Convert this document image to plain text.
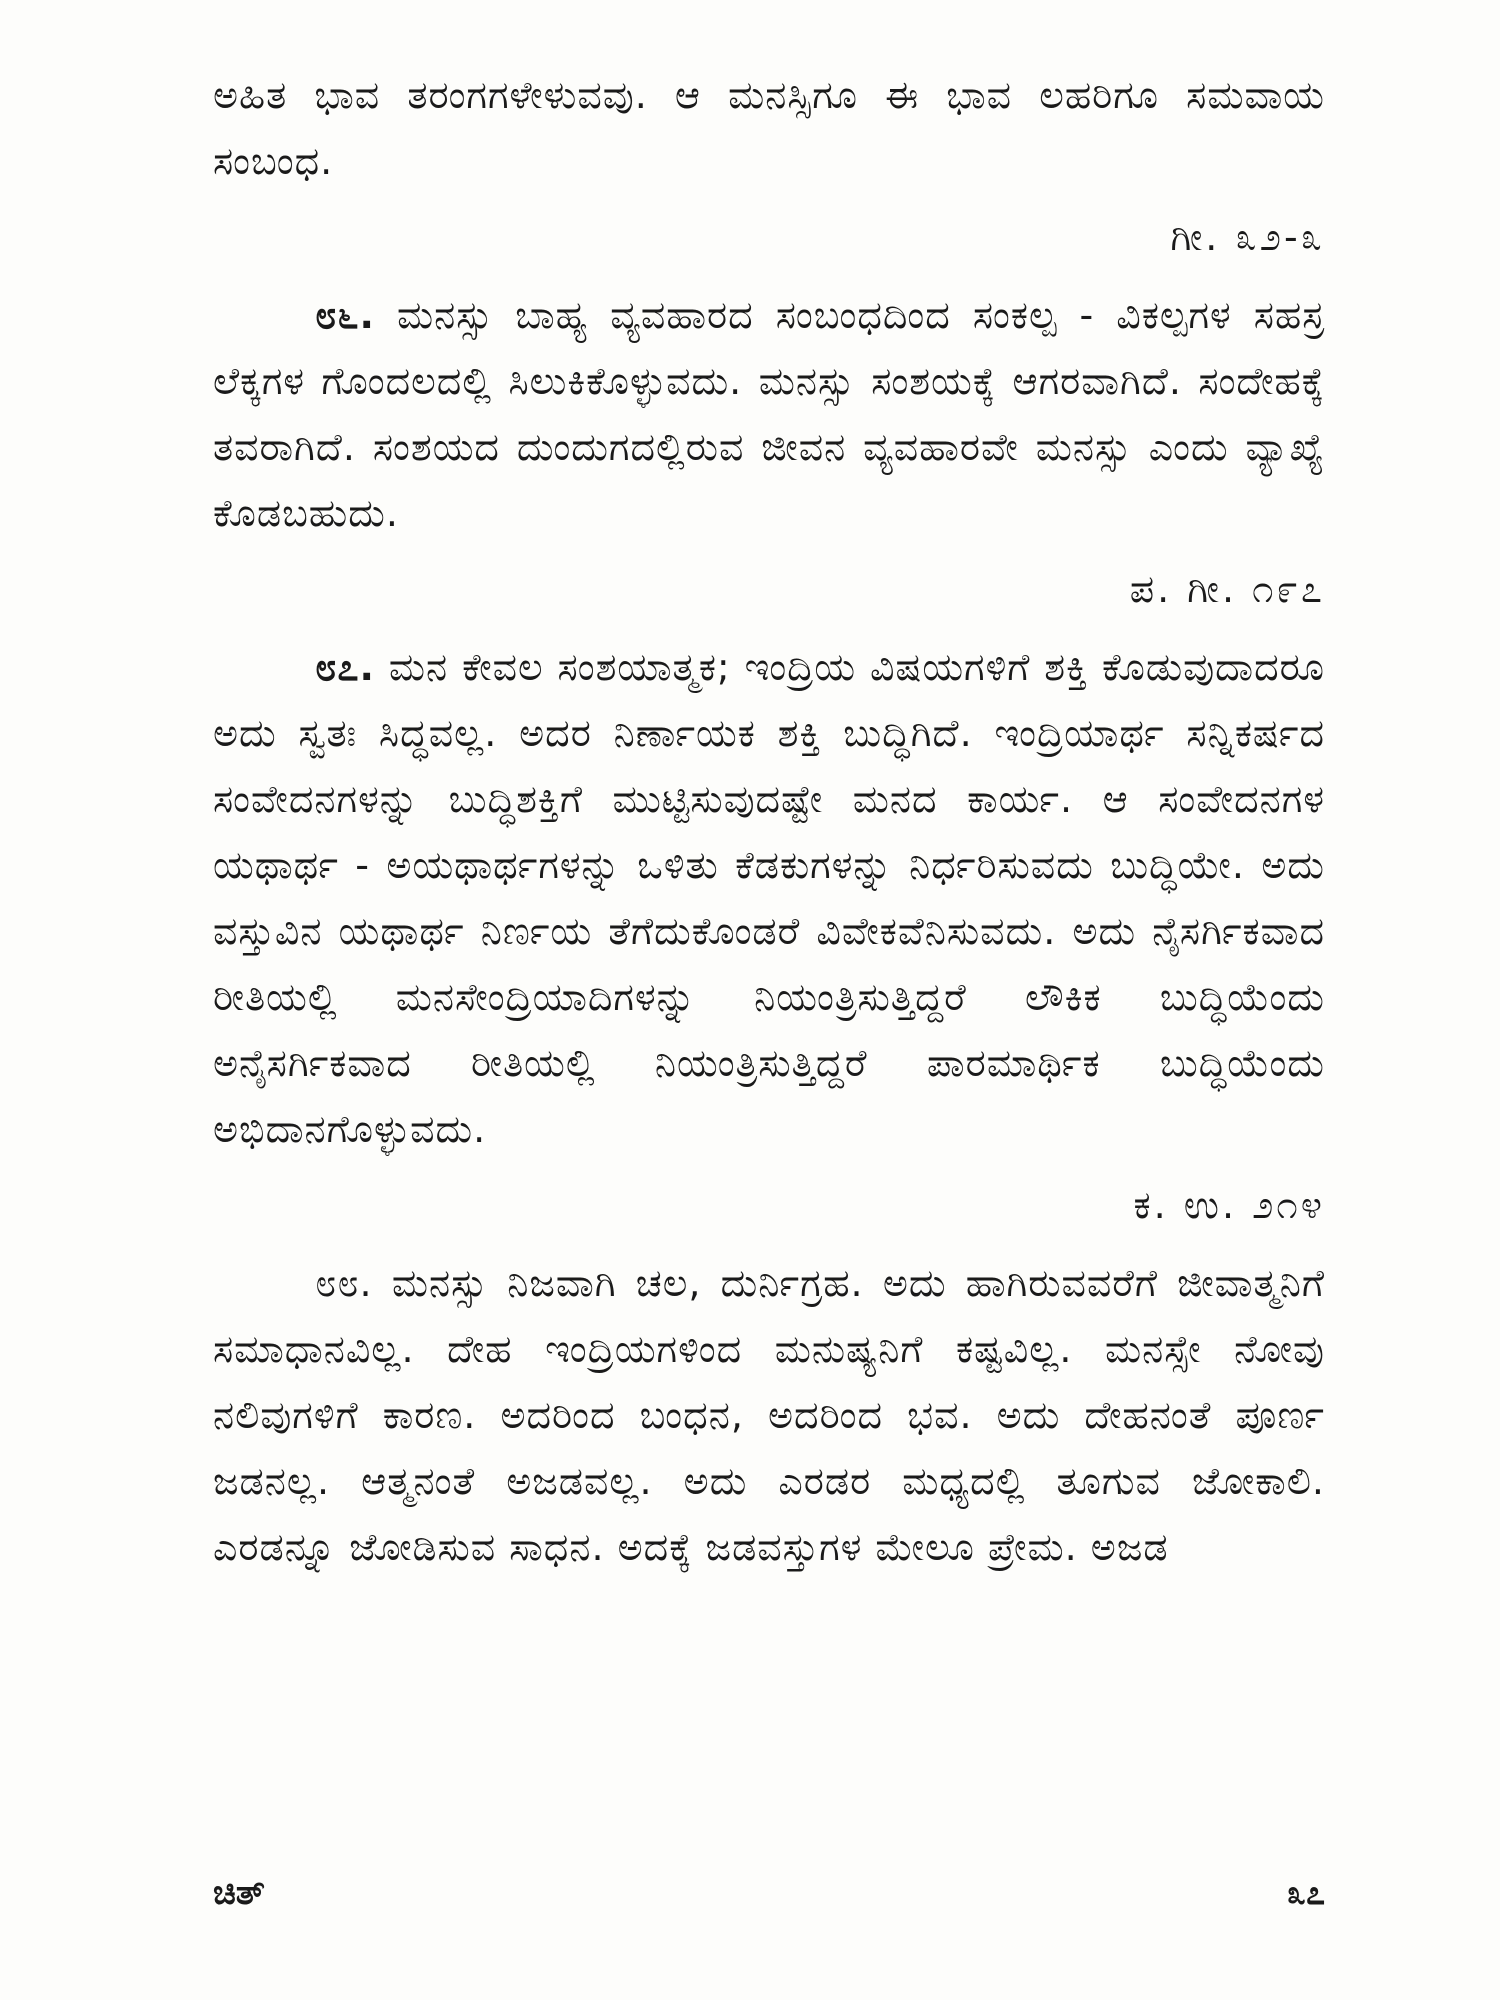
ಅಹಿತ ಭಾವ ತರಂಗಗಳೇಳುವವು. ಆ ಮನಸ್ಸಿಗೂ ಈ ಭಾವ ಲಹರಿಗೂ ಸಮವಾಯ ಸಂಬಂಧ.

ಗೀ. ೩೨-೩

೮೬. ಮನಸ್ಸು ಬಾಹ್ಯ ವ್ಯವಹಾರದ ಸಂಬಂಧದಿಂದ ಸಂಕಲ್ಪ - ವಿಕಲ್ಪಗಳ ಸಹಸ್ರ ಲೆಕ್ಕಗಳ ಗೊಂದಲದಲ್ಲಿ ಸಿಲುಕಿಕೊಳ್ಳುವದು. ಮನಸ್ಸು ಸಂಶಯಕ್ಕೆ ಆಗರವಾಗಿದೆ. ಸಂದೇಹಕ್ಕೆ ತವರಾಗಿದೆ. ಸಂಶಯದ ದುಂದುಗದಲ್ಲಿರುವ ಜೀವನ ವ್ಯವಹಾರವೇ ಮನಸ್ಸು ಎಂದು ವ್ಯಾಖ್ಯೆ ಕೊಡಬಹುದು.

ಪ. ಗೀ. ೧೯೭

೮೭. ಮನ ಕೇವಲ ಸಂಶಯಾತ್ಮಕ; ಇಂದ್ರಿಯ ವಿಷಯಗಳಿಗೆ ಶಕ್ತಿ ಕೊಡುವುದಾದರೂ ಅದು ಸ್ವತಃ ಸಿದ್ಧವಲ್ಲ. ಅದರ ನಿರ್ಣಾಯಕ ಶಕ್ತಿ ಬುದ್ಧಿಗಿದೆ. ಇಂದ್ರಿಯಾರ್ಥ ಸನ್ನಿಕರ್ಷದ ಸಂವೇದನಗಳನ್ನು ಬುದ್ಧಿಶಕ್ತಿಗೆ ಮುಟ್ಟಿಸುವುದಷ್ಟೇ ಮನದ ಕಾರ್ಯ. ಆ ಸಂವೇದನಗಳ ಯಥಾರ್ಥ - ಅಯಥಾರ್ಥಗಳನ್ನು ಒಳಿತು ಕೆಡಕುಗಳನ್ನು ನಿರ್ಧರಿಸುವದು ಬುದ್ಧಿಯೇ. ಅದು ವಸ್ತುವಿನ ಯಥಾರ್ಥ ನಿರ್ಣಯ ತೆಗೆದುಕೊಂಡರೆ ವಿವೇಕವೆನಿಸುವದು. ಅದು ನೈಸರ್ಗಿಕವಾದ ರೀತಿಯಲ್ಲಿ ಮನಸೇಂದ್ರಿಯಾದಿಗಳನ್ನು ನಿಯಂತ್ರಿಸುತ್ತಿದ್ದರೆ ಲೌಕಿಕ ಬುದ್ಧಿಯೆಂದು ಅನೈಸರ್ಗಿಕವಾದ ರೀತಿಯಲ್ಲಿ ನಿಯಂತ್ರಿಸುತ್ತಿದ್ದರೆ ಪಾರಮಾರ್ಥಿಕ ಬುದ್ಧಿಯೆಂದು ಅಭಿದಾನಗೊಳ್ಳುವದು.

ಕ. ಉ. ೨೧೪

೮೮. ಮನಸ್ಸು ನಿಜವಾಗಿ ಚಲ, ದುರ್ನಿಗ್ರಹ. ಅದು ಹಾಗಿರುವವರೆಗೆ ಜೀವಾತ್ಮನಿಗೆ ಸಮಾಧಾನವಿಲ್ಲ. ದೇಹ ಇಂದ್ರಿಯಗಳಿಂದ ಮನುಷ್ಯನಿಗೆ ಕಷ್ಟವಿಲ್ಲ. ಮನಸ್ಸೇ ನೋವು ನಲಿವುಗಳಿಗೆ ಕಾರಣ. ಅದರಿಂದ ಬಂಧನ, ಅದರಿಂದ ಭವ. ಅದು ದೇಹನಂತೆ ಪೂರ್ಣ ಜಡನಲ್ಲ. ಆತ್ಮನಂತೆ ಅಜಡವಲ್ಲ. ಅದು ಎರಡರ ಮಧ್ಯದಲ್ಲಿ ತೂಗುವ ಜೋಕಾಲಿ. ಎರಡನ್ನೂ ಜೋಡಿಸುವ ಸಾಧನ. ಅದಕ್ಕೆ ಜಡವಸ್ತುಗಳ ಮೇಲೂ ಪ್ರೇಮ. ಅಜಡ

ಚಿತ್	೩೭
